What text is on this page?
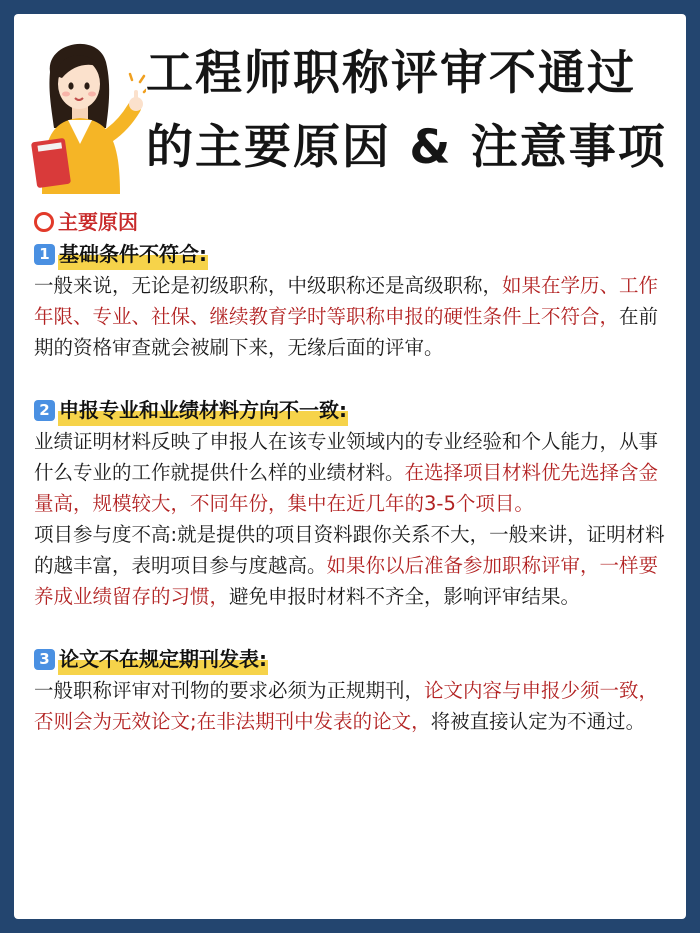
工程师职称评审不通过
的主要原因 & 注意事项
主要原因
1 基础条件不符合:

一般来说，无论是初级职称，中级职称还是高级职称，如果在学历、工作年限、专业、社保、继续教育学时等职称申报的硬性条件上不符合，在前期的资格审查就会被刷下来，无缘后面的评审。

2 申报专业和业绩材料方向不一致:

业绩证明材料反映了申报人在该专业领域内的专业经验和个人能力，从事什么专业的工作就提供什么样的业绩材料。在选择项目材料优先选择含金量高，规模较大，不同年份，集中在近几年的3-5个项目。

项目参与度不高:就是提供的项目资料跟你关系不大，一般来讲，证明材料的越丰富，表明项目参与度越高。如果你以后准备参加职称评审，一样要养成业绩留存的习惯，避免申报时材料不齐全，影响评审结果。

3 论文不在规定期刊发表:

一般职称评审对刊物的要求必须为正规期刊，论文内容与申报少须一致，否则会为无效论文;在非法期刊中发表的论文，将被直接认定为不通过。
